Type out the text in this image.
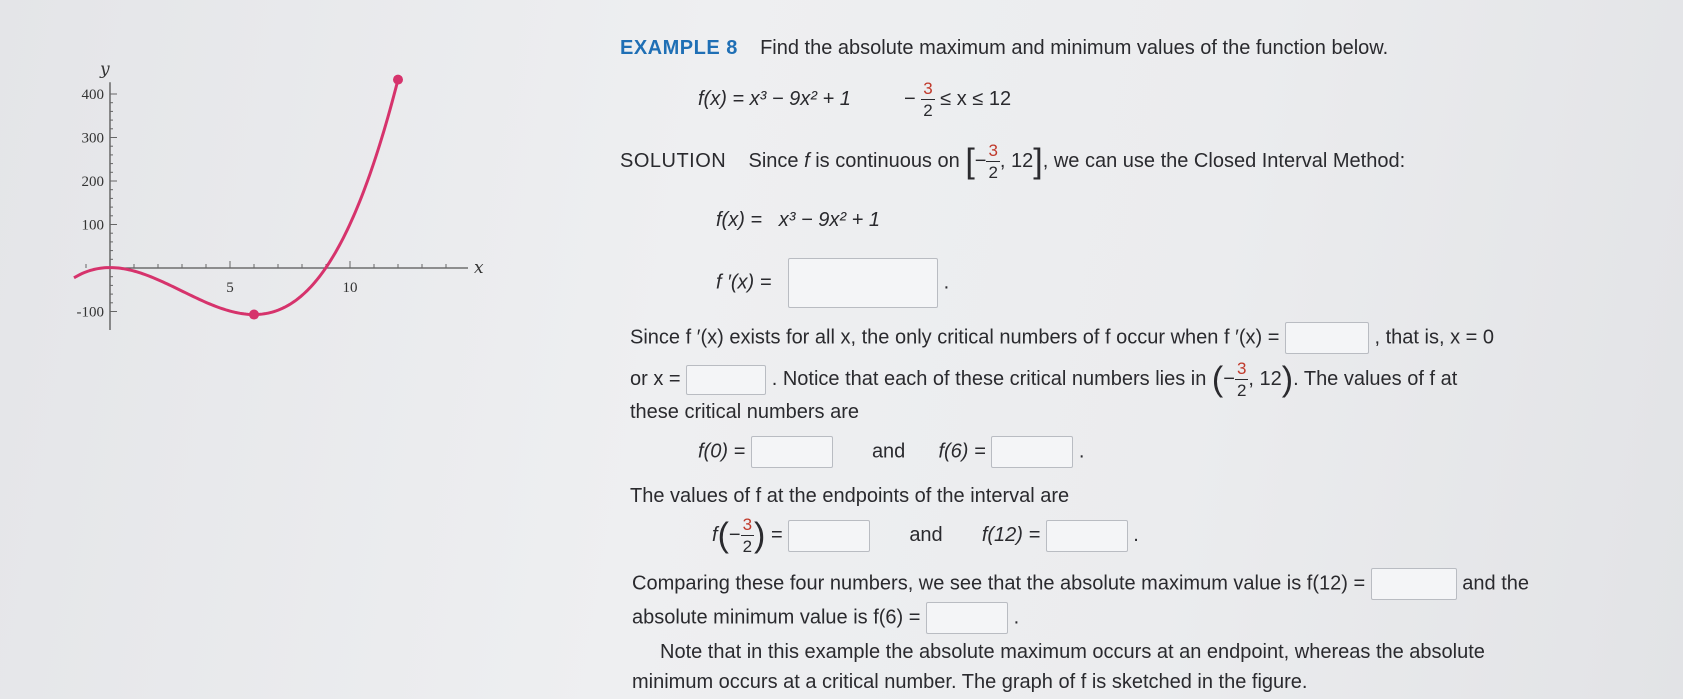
400
300
200
100
-100
5	10
y
x
EXAMPLE 8 Find the absolute maximum and minimum values of the function below.
f(x) = x³ − 9x² + 1	− $\frac{3}{2} \le x \le 12$
SOLUTION Since f is continuous on [− $\frac{3}{2}$ , 12], we can use the Closed Interval Method:
f(x) = x³ − 9x² + 1
f ′(x) =	.
Since f ′(x) exists for all x, the only critical numbers of f occur when f ′(x) =	, that is, x = 0
or x =	. Notice that each of these critical numbers lies in (− $\frac{3}{2}$ , 12). The values of f at
these critical numbers are
f(0) =	and f(6) =	.
The values of f at the endpoints of the interval are
$f(- \frac{3}{2}$ ) =	and f(12) =	.
Comparing these four numbers, we see that the absolute maximum value is f(12) =	and the
absolute minimum value is f(6) =	.
Note that in this example the absolute maximum occurs at an endpoint, whereas the absolute
minimum occurs at a critical number. The graph of f is sketched in the figure.
